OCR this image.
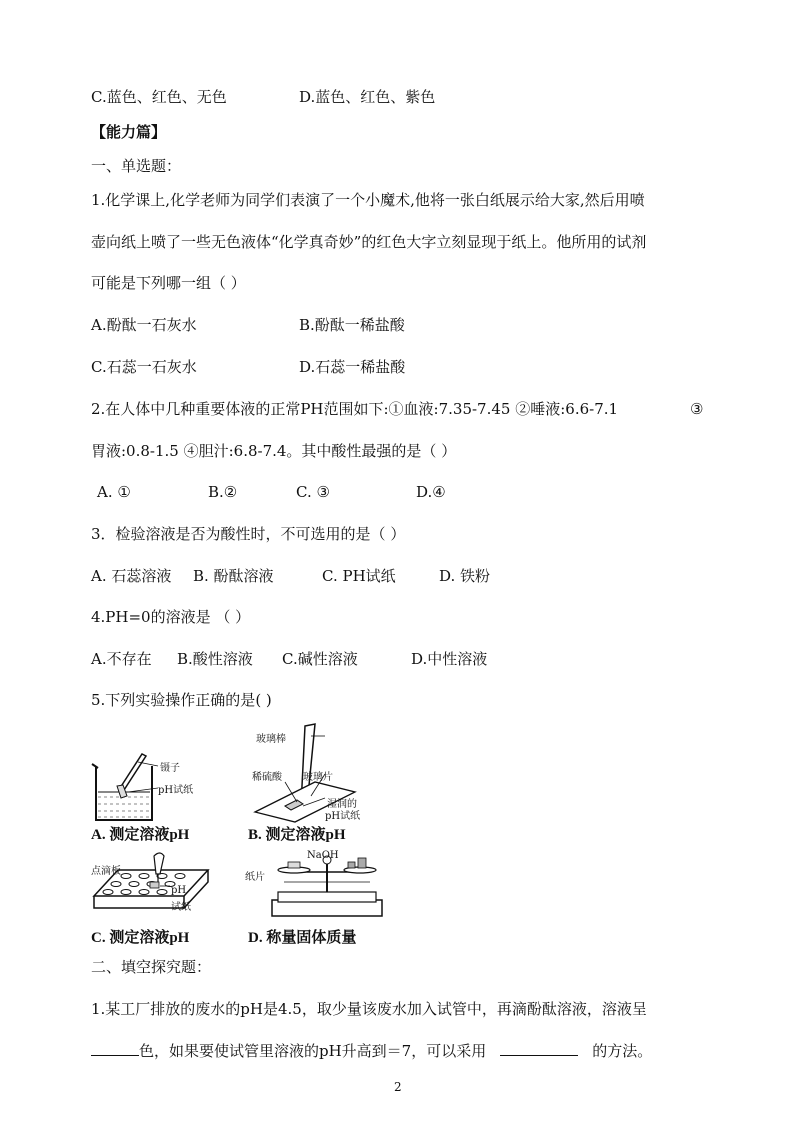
C.蓝色、红色、无色	D.蓝色、红色、紫色
【能力篇】
一、单选题：
1.化学课上,化学老师为同学们表演了一个小魔术,他将一张白纸展示给大家,然后用喷
壶向纸上喷了一些无色液体“化学真奇妙”的红色大字立刻显现于纸上。他所用的试剂
可能是下列哪一组（ ）
A.酚酞一石灰水	B.酚酞一稀盐酸
C.石蕊一石灰水	D.石蕊一稀盐酸
2.在人体中几种重要体液的正常PH范围如下:①血液:7.35-7.45 ②唾液:6.6-7.1	③
胃液:0.8-1.5 ④胆汁:6.8-7.4。其中酸性最强的是（ ）
A. ①	B.②	C. ③	D.④
3．检验溶液是否为酸性时，不可选用的是（ ）
A. 石蕊溶液 B. 酚酞溶液	C. PH试纸	D. 铁粉
4.PH=0的溶液是 （ ）
A.不存在 B.酸性溶液 C.碱性溶液	D.中性溶液
5.下列实验操作正确的是( )
镊子
pH试纸
A. 测定溶液pH
玻璃棒
稀硫酸 玻璃片
湿润的
pH试纸
B. 测定溶液pH
点滴板
pH
试纸
C. 测定溶液pH
NaOH
纸片
D. 称量固体质量
二、填空探究题：
1.某工厂排放的废水的pH是4.5，取少量该废水加入试管中，再滴酚酞溶液，溶液呈
色，如果要使试管里溶液的pH升高到＝7，可以采用	的方法。
2
